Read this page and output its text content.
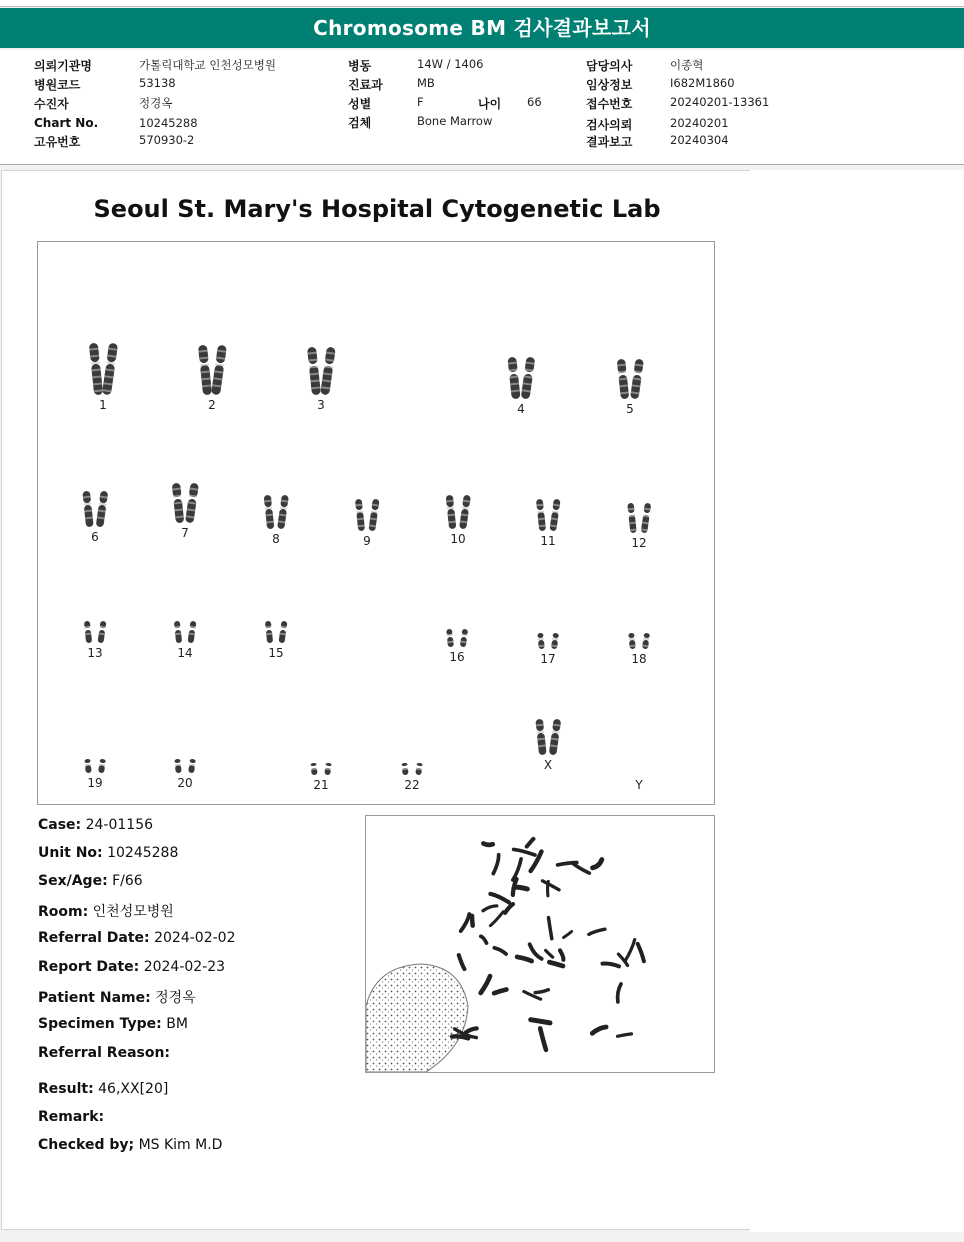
Chromosome BM 검사결과보고서
의뢰기관명	가톨릭대학교 인천성모병원
병원코드	53138
수진자	정경옥
Chart No.	10245288
고유번호	570930-2
병동	14W / 1406
진료과	MB
성별	F	나이 66
검체	Bone Marrow
담당의사	이종혁
임상정보	I682M1860
접수번호	20240201-13361
검사의뢰	20240201
결과보고	20240304
Seoul St. Mary's Hospital Cytogenetic Lab
1	2	3	4	5
6	7	8	9	10	11	12
13	14	15	16	17	18
19	20	21	22
X
Y
Case: 24-01156
Unit No: 10245288
Sex/Age: F/66
Room: 인천성모병원
Referral Date: 2024-02-02
Report Date: 2024-02-23
Patient Name: 정경옥
Specimen Type: BM
Referral Reason:
Result: 46,XX[20]
Remark:
Checked by; MS Kim M.D
